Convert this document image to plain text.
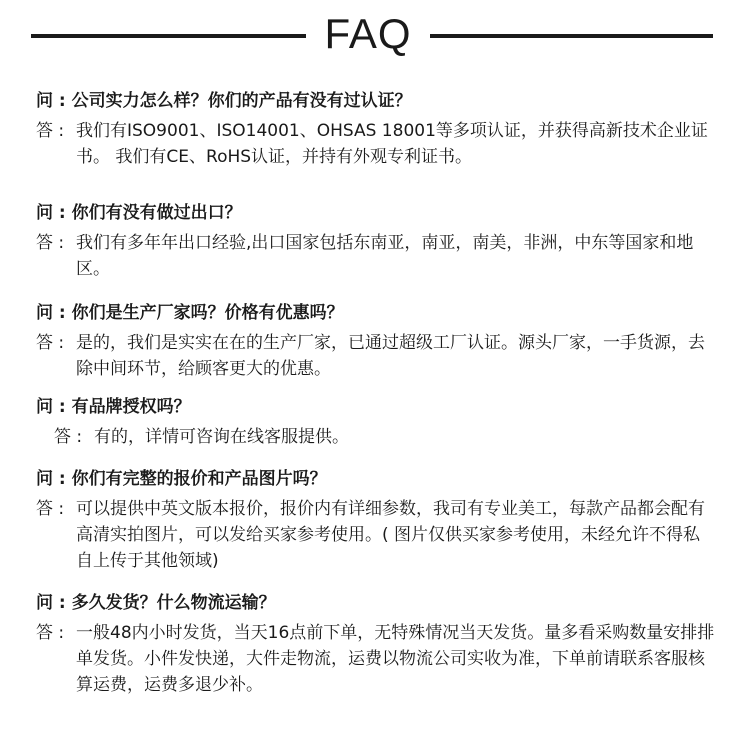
FAQ
问 : 公司实力怎么样？你们的产品有没有过认证？
答 : 我们有ISO9001、ISO14001、OHSAS 18001等多项认证，并获得高新技术企业证书。 我们有CE、RoHS认证，并持有外观专利证书。
问 : 你们有没有做过出口？
答 : 我们有多年年出口经验,出口国家包括东南亚，南亚，南美，非洲，中东等国家和地区。
问 : 你们是生产厂家吗？价格有优惠吗？
答 : 是的，我们是实实在在的生产厂家，已通过超级工厂认证。源头厂家，一手货源，去除中间环节，给顾客更大的优惠。
问 : 有品牌授权吗？
答 : 有的，详情可咨询在线客服提供。
问 : 你们有完整的报价和产品图片吗？
答 : 可以提供中英文版本报价，报价内有详细参数，我司有专业美工，每款产品都会配有高清实拍图片，可以发给买家参考使用。( 图片仅供买家参考使用，未经允许不得私自上传于其他领域)
问 : 多久发货？什么物流运输？
答 : 一般48内小时发货，当天16点前下单，无特殊情况当天发货。量多看采购数量安排排单发货。小件发快递，大件走物流，运费以物流公司实收为准，下单前请联系客服核算运费，运费多退少补。
